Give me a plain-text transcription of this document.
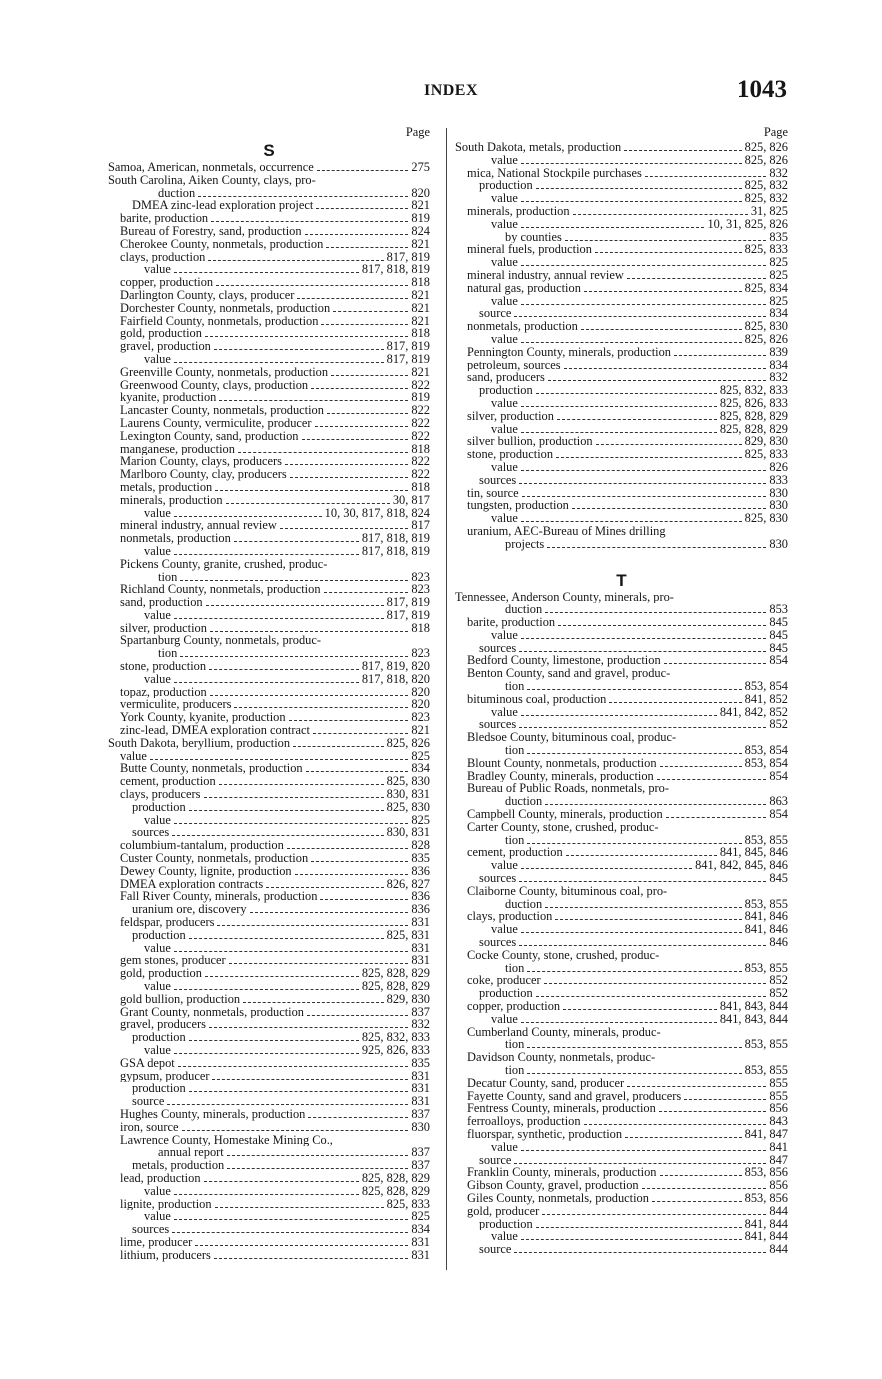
INDEX	1043
Page
S
Samoa, American, nonmetals, occurrence	275
South Carolina, Aiken County, clays, pro-
duction	820
DMEA zinc-lead exploration project	821
barite, production	819
Bureau of Forestry, sand, production	824
Cherokee County, nonmetals, production	821
clays, production	817, 819
value	817, 818, 819
copper, production	818
Darlington County, clays, producer	821
Dorchester County, nonmetals, production	821
Fairfield County, nonmetals, production	821
gold, production	818
gravel, production	817, 819
value	817, 819
Greenville County, nonmetals, production	821
Greenwood County, clays, production	822
kyanite, production	819
Lancaster County, nonmetals, production	822
Laurens County, vermiculite, producer	822
Lexington County, sand, production	822
manganese, production	818
Marion County, clays, producers	822
Marlboro County, clay, producers	822
metals, production	818
minerals, production	30, 817
value	10, 30, 817, 818, 824
mineral industry, annual review	817
nonmetals, production	817, 818, 819
value	817, 818, 819
Pickens County, granite, crushed, produc-
tion	823
Richland County, nonmetals, production	823
sand, production	817, 819
value	817, 819
silver, production	818
Spartanburg County, nonmetals, produc-
tion	823
stone, production	817, 819, 820
value	817, 818, 820
topaz, production	820
vermiculite, producers	820
York County, kyanite, production	823
zinc-lead, DMEA exploration contract	821
South Dakota, beryllium, production	825, 826
value	825
Butte County, nonmetals, production	834
cement, production	825, 830
clays, producers	830, 831
production	825, 830
value	825
sources	830, 831
columbium-tantalum, production	828
Custer County, nonmetals, production	835
Dewey County, lignite, production	836
DMEA exploration contracts	826, 827
Fall River County, minerals, production	836
uranium ore, discovery	836
feldspar, producers	831
production	825, 831
value	831
gem stones, producer	831
gold, production	825, 828, 829
value	825, 828, 829
gold bullion, production	829, 830
Grant County, nonmetals, production	837
gravel, producers	832
production	825, 832, 833
value	925, 826, 833
GSA depot	835
gypsum, producer	831
production	831
source	831
Hughes County, minerals, production	837
iron, source	830
Lawrence County, Homestake Mining Co.,
annual report	837
metals, production	837
lead, production	825, 828, 829
value	825, 828, 829
lignite, production	825, 833
value	825
sources	834
lime, producer	831
lithium, producers	831
Page
South Dakota, metals, production	825, 826
value	825, 826
mica, National Stockpile purchases	832
production	825, 832
value	825, 832
minerals, production	31, 825
value	10, 31, 825, 826
by counties	835
mineral fuels, production	825, 833
value	825
mineral industry, annual review	825
natural gas, production	825, 834
value	825
source	834
nonmetals, production	825, 830
value	825, 826
Pennington County, minerals, production	839
petroleum, sources	834
sand, producers	832
production	825, 832, 833
value	825, 826, 833
silver, production	825, 828, 829
value	825, 828, 829
silver bullion, production	829, 830
stone, production	825, 833
value	826
sources	833
tin, source	830
tungsten, production	830
value	825, 830
uranium, AEC-Bureau of Mines drilling
projects	830
T
Tennessee, Anderson County, minerals, pro-
duction	853
barite, production	845
value	845
sources	845
Bedford County, limestone, production	854
Benton County, sand and gravel, produc-
tion	853, 854
bituminous coal, production	841, 852
value	841, 842, 852
sources	852
Bledsoe County, bituminous coal, produc-
tion	853, 854
Blount County, nonmetals, production	853, 854
Bradley County, minerals, production	854
Bureau of Public Roads, nonmetals, pro-
duction	863
Campbell County, minerals, production	854
Carter County, stone, crushed, produc-
tion	853, 855
cement, production	841, 845, 846
value	841, 842, 845, 846
sources	845
Claiborne County, bituminous coal, pro-
duction	853, 855
clays, production	841, 846
value	841, 846
sources	846
Cocke County, stone, crushed, produc-
tion	853, 855
coke, producer	852
production	852
copper, production	841, 843, 844
value	841, 843, 844
Cumberland County, minerals, produc-
tion	853, 855
Davidson County, nonmetals, produc-
tion	853, 855
Decatur County, sand, producer	855
Fayette County, sand and gravel, producers	855
Fentress County, minerals, production	856
ferroalloys, production	843
fluorspar, synthetic, production	841, 847
value	841
source	847
Franklin County, minerals, production	853, 856
Gibson County, gravel, production	856
Giles County, nonmetals, production	853, 856
gold, producer	844
production	841, 844
value	841, 844
source	844
